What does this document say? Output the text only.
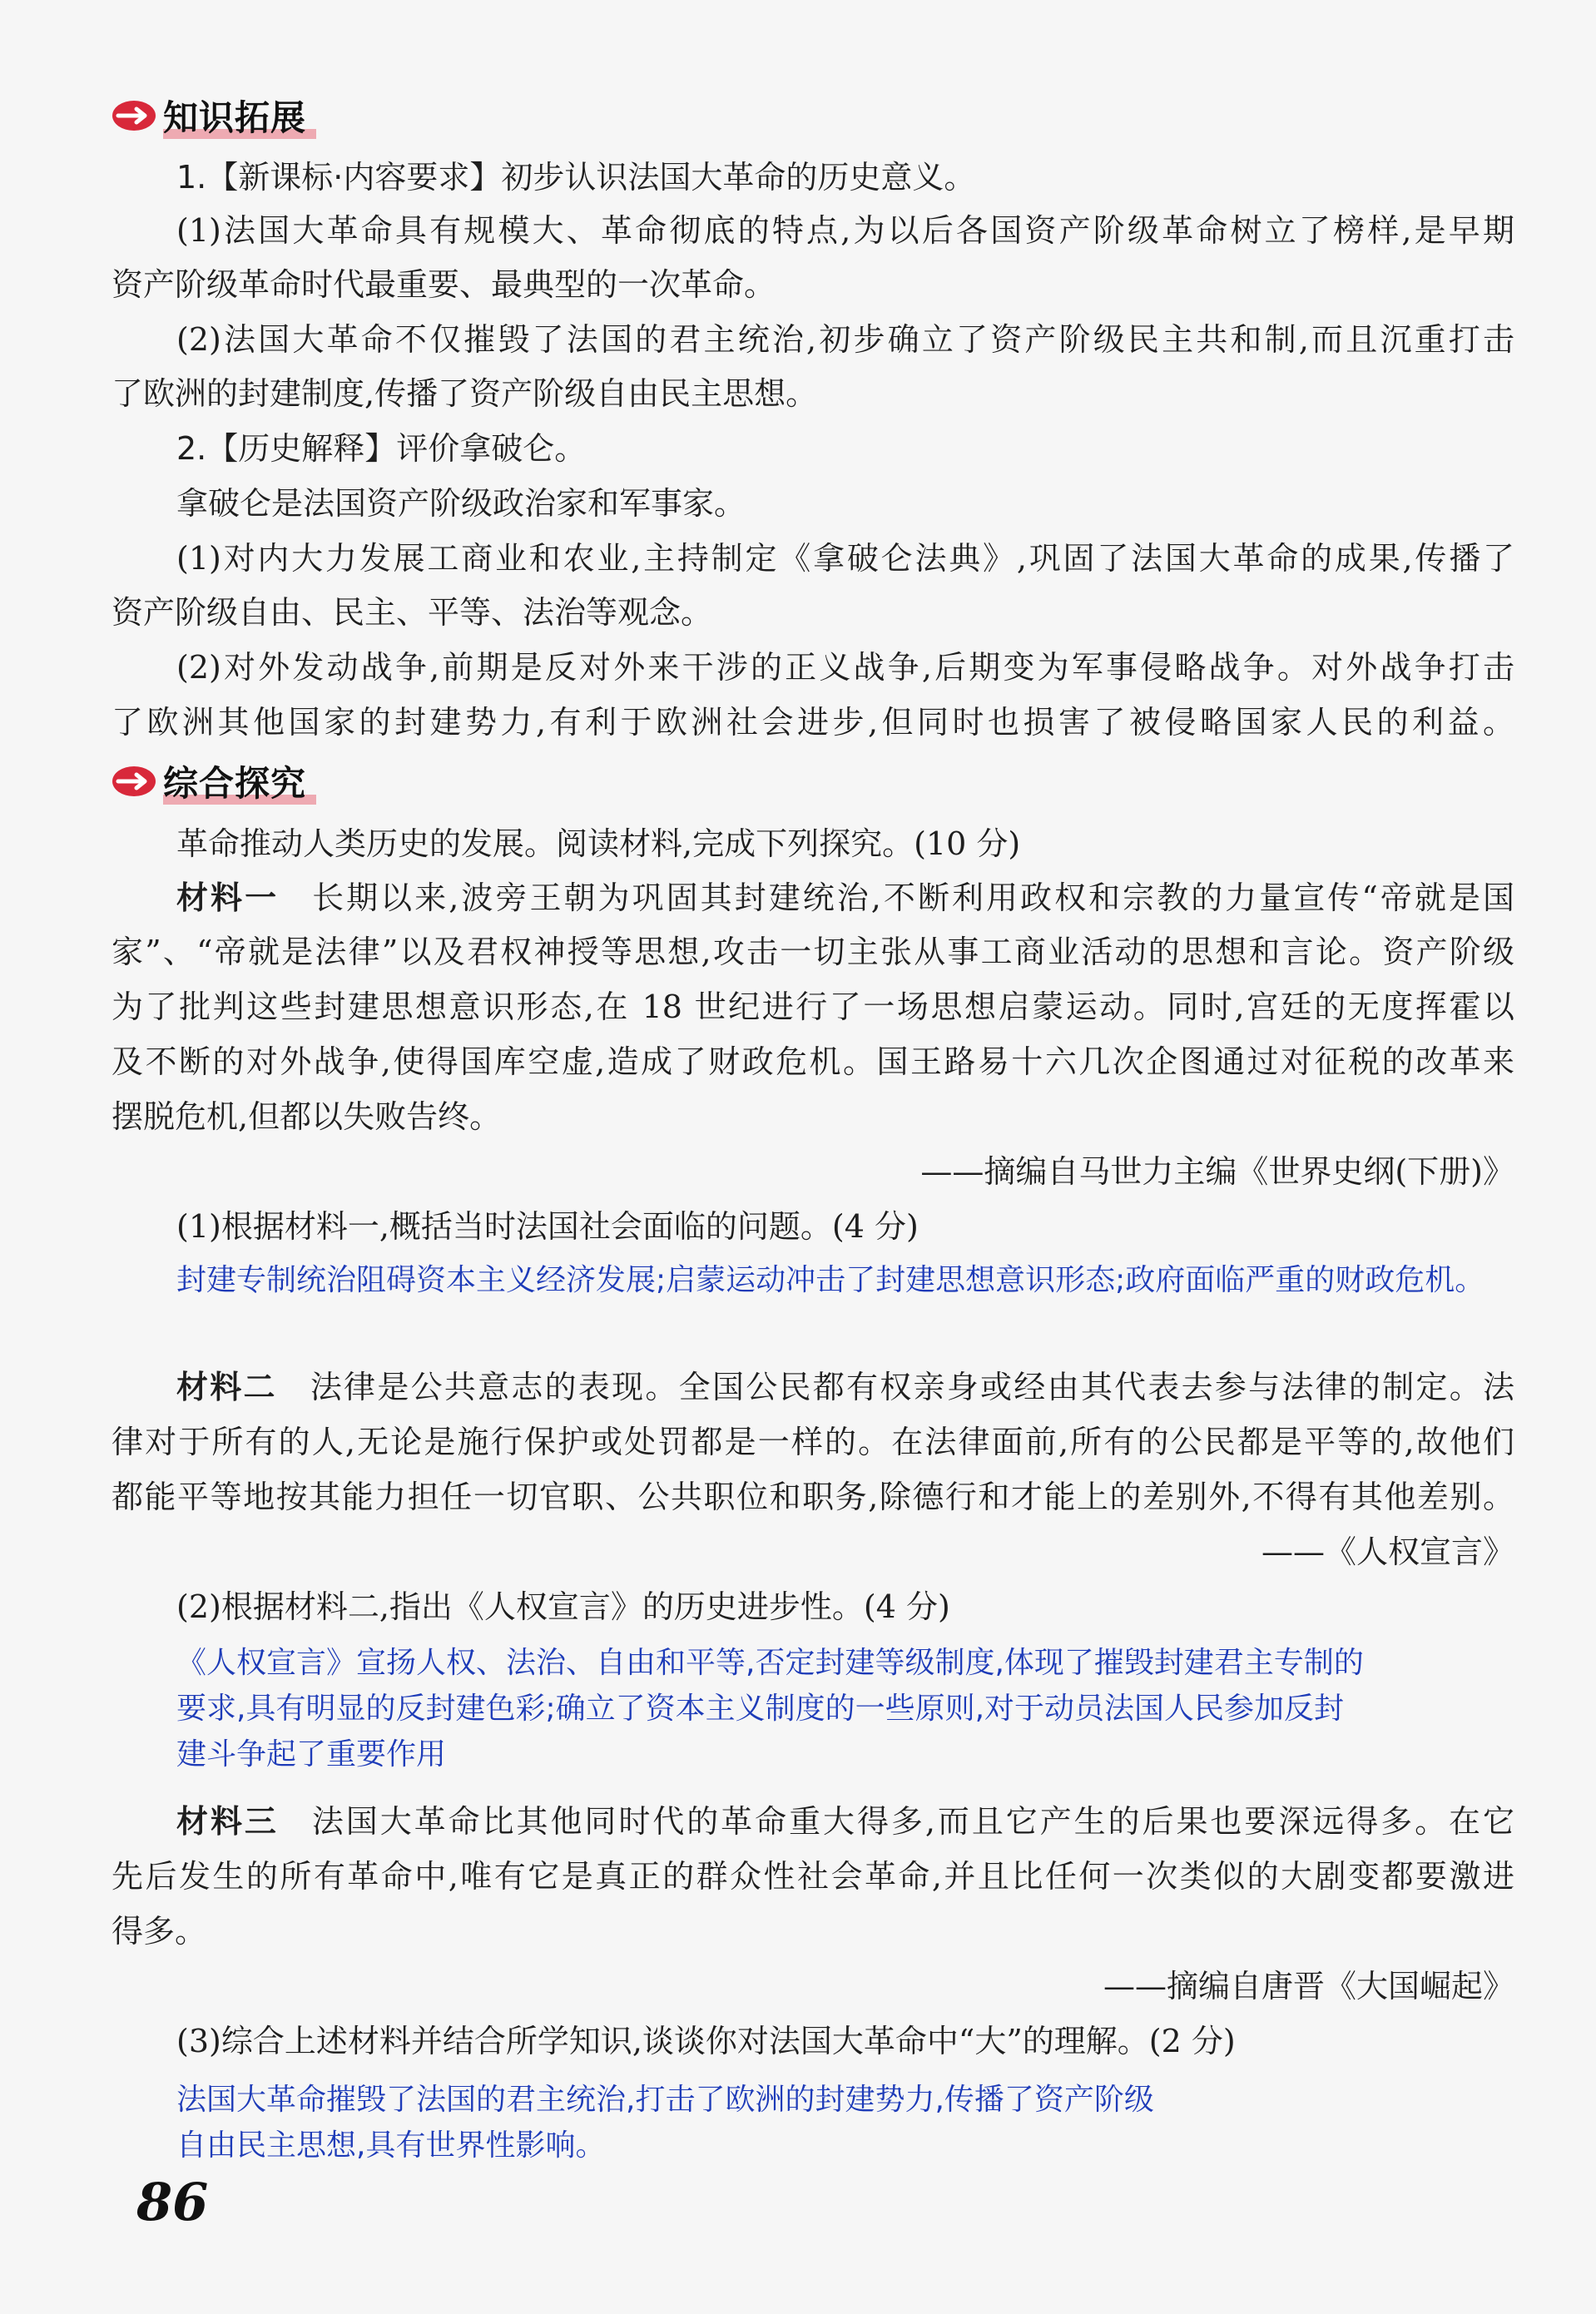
知识拓展
1.【新课标·内容要求】初步认识法国大革命的历史意义。
(1)法国大革命具有规模大、革命彻底的特点,为以后各国资产阶级革命树立了榜样,是早期
资产阶级革命时代最重要、最典型的一次革命。
(2)法国大革命不仅摧毁了法国的君主统治,初步确立了资产阶级民主共和制,而且沉重打击
了欧洲的封建制度,传播了资产阶级自由民主思想。
2.【历史解释】评价拿破仑。
拿破仑是法国资产阶级政治家和军事家。
(1)对内大力发展工商业和农业,主持制定《拿破仑法典》,巩固了法国大革命的成果,传播了
资产阶级自由、民主、平等、法治等观念。
(2)对外发动战争,前期是反对外来干涉的正义战争,后期变为军事侵略战争。对外战争打击
了欧洲其他国家的封建势力,有利于欧洲社会进步,但同时也损害了被侵略国家人民的利益。
综合探究
革命推动人类历史的发展。阅读材料,完成下列探究。(10 分)
材料一 长期以来,波旁王朝为巩固其封建统治,不断利用政权和宗教的力量宣传“帝就是国
家”、“帝就是法律”以及君权神授等思想,攻击一切主张从事工商业活动的思想和言论。资产阶级
为了批判这些封建思想意识形态,在 18 世纪进行了一场思想启蒙运动。同时,宫廷的无度挥霍以
及不断的对外战争,使得国库空虚,造成了财政危机。国王路易十六几次企图通过对征税的改革来
摆脱危机,但都以失败告终。
——摘编自马世力主编《世界史纲(下册)》
(1)根据材料一,概括当时法国社会面临的问题。(4 分)
封建专制统治阻碍资本主义经济发展;启蒙运动冲击了封建思想意识形态;政府面临严重的财政危机。
材料二 法律是公共意志的表现。全国公民都有权亲身或经由其代表去参与法律的制定。法
律对于所有的人,无论是施行保护或处罚都是一样的。在法律面前,所有的公民都是平等的,故他们
都能平等地按其能力担任一切官职、公共职位和职务,除德行和才能上的差别外,不得有其他差别。
——《人权宣言》
(2)根据材料二,指出《人权宣言》的历史进步性。(4 分)
《人权宣言》宣扬人权、法治、自由和平等,否定封建等级制度,体现了摧毁封建君主专制的
要求,具有明显的反封建色彩;确立了资本主义制度的一些原则,对于动员法国人民参加反封
建斗争起了重要作用
材料三 法国大革命比其他同时代的革命重大得多,而且它产生的后果也要深远得多。在它
先后发生的所有革命中,唯有它是真正的群众性社会革命,并且比任何一次类似的大剧变都要激进
得多。
——摘编自唐晋《大国崛起》
(3)综合上述材料并结合所学知识,谈谈你对法国大革命中“大”的理解。(2 分)
法国大革命摧毁了法国的君主统治,打击了欧洲的封建势力,传播了资产阶级
自由民主思想,具有世界性影响。
86
